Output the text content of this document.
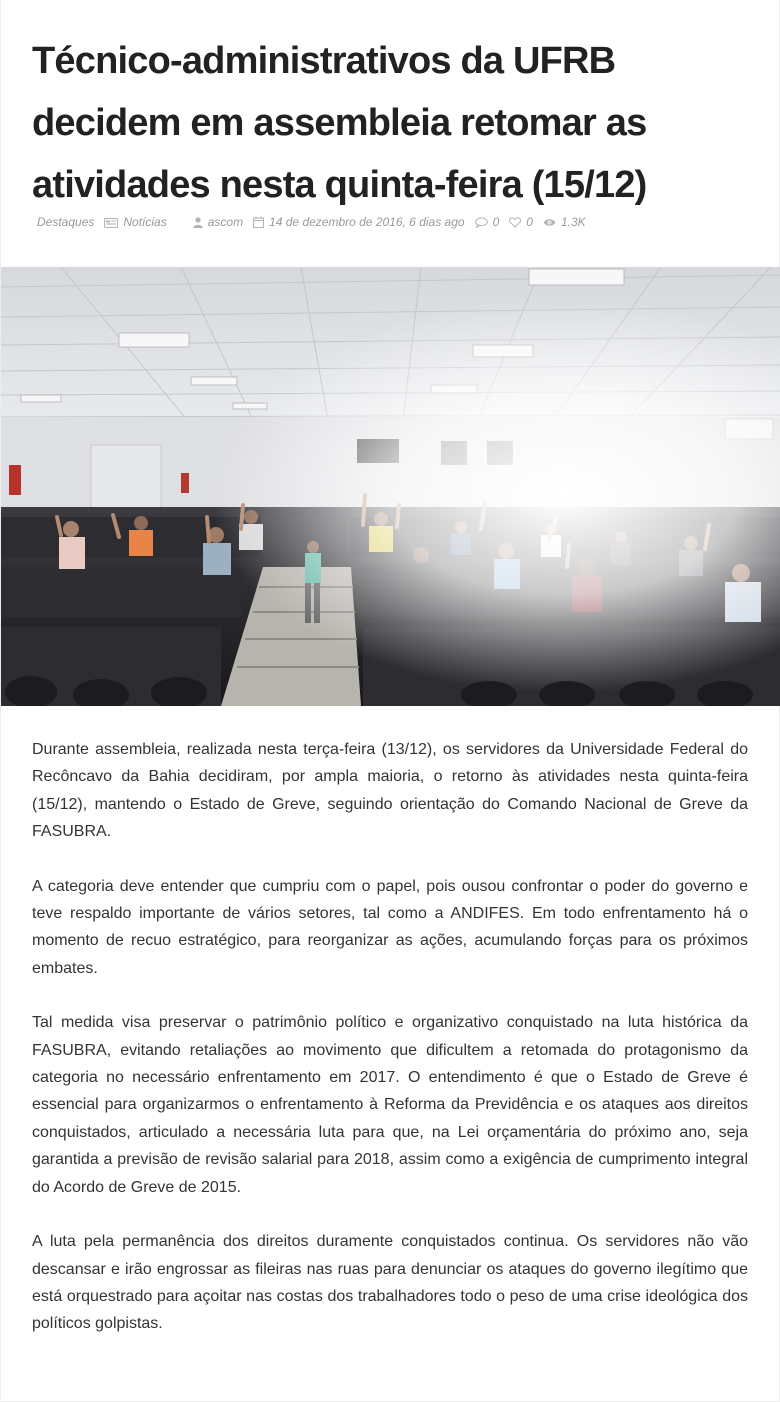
Técnico-administrativos da UFRB decidem em assembleia retomar as atividades nesta quinta-feira (15/12)
Destaques Notícias	ascom 14 de dezembro de 2016, 6 dias ago 0 0 1.3K

Durante assembleia, realizada nesta terça-feira (13/12), os servidores da Universidade Federal do Recôncavo da Bahia decidiram, por ampla maioria, o retorno às atividades nesta quinta-feira (15/12), mantendo o Estado de Greve, seguindo orientação do Comando Nacional de Greve da FASUBRA.

A categoria deve entender que cumpriu com o papel, pois ousou confrontar o poder do governo e teve respaldo importante de vários setores, tal como a ANDIFES. Em todo enfrentamento há o momento de recuo estratégico, para reorganizar as ações, acumulando forças para os próximos embates.

Tal medida visa preservar o patrimônio político e organizativo conquistado na luta histórica da FASUBRA, evitando retaliações ao movimento que dificultem a retomada do protagonismo da categoria no necessário enfrentamento em 2017. O entendimento é que o Estado de Greve é essencial para organizarmos o enfrentamento à Reforma da Previdência e os ataques aos direitos conquistados, articulado a necessária luta para que, na Lei orçamentária do próximo ano, seja garantida a previsão de revisão salarial para 2018, assim como a exigência de cumprimento integral do Acordo de Greve de 2015.

A luta pela permanência dos direitos duramente conquistados continua. Os servidores não vão descansar e irão engrossar as fileiras nas ruas para denunciar os ataques do governo ilegítimo que está orquestrado para açoitar nas costas dos trabalhadores todo o peso de uma crise ideológica dos políticos golpistas.
